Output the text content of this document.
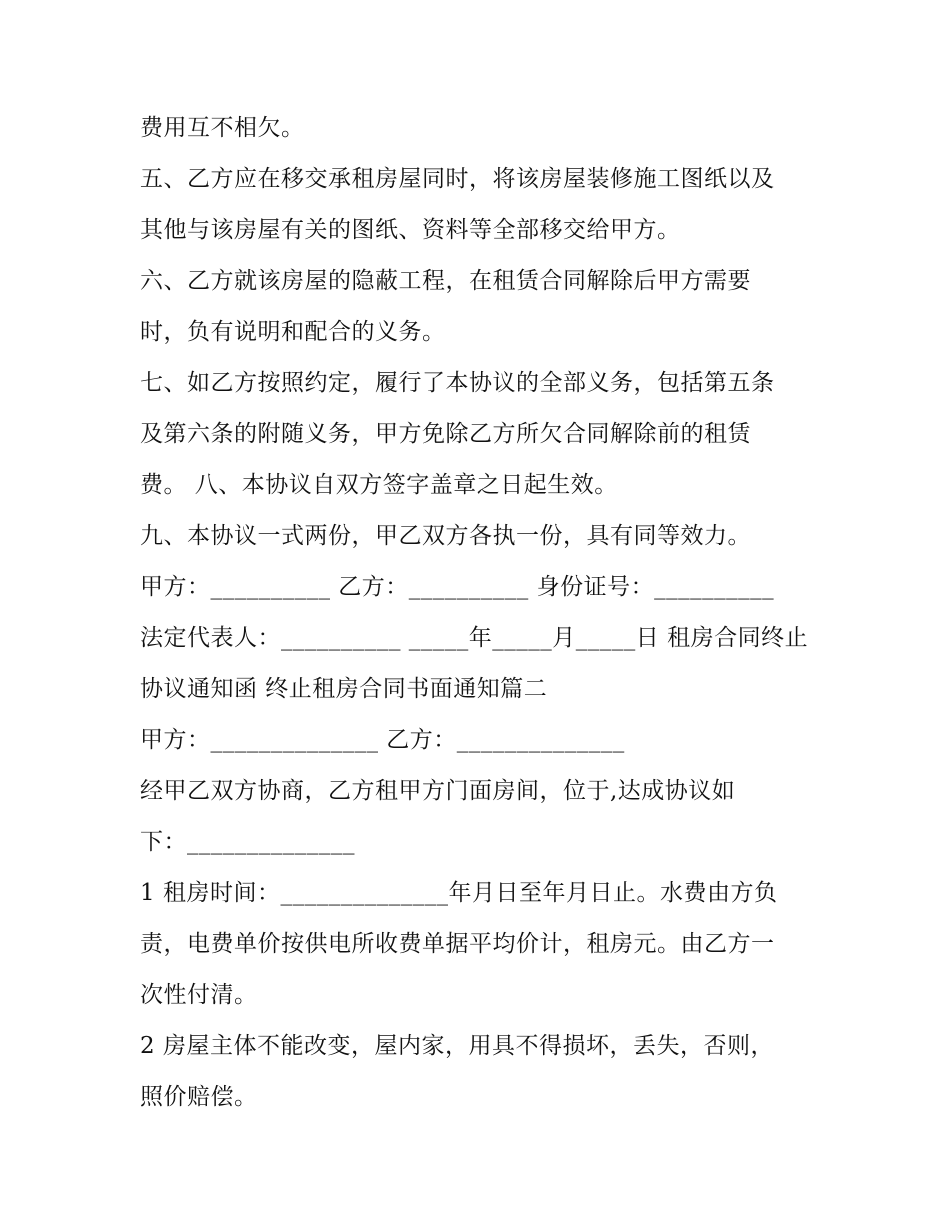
费用互不相欠。
五、乙方应在移交承租房屋同时，将该房屋装修施工图纸以及
其他与该房屋有关的图纸、资料等全部移交给甲方。
六、乙方就该房屋的隐蔽工程，在租赁合同解除后甲方需要
时，负有说明和配合的义务。
七、如乙方按照约定，履行了本协议的全部义务，包括第五条
及第六条的附随义务，甲方免除乙方所欠合同解除前的租赁
费。 八、本协议自双方签字盖章之日起生效。
九、本协议一式两份，甲乙双方各执一份，具有同等效力。
甲方：__________ 乙方：__________ 身份证号：__________
法定代表人：__________ _____年_____月_____日 租房合同终止
协议通知函 终止租房合同书面通知篇二
甲方：______________ 乙方：______________
经甲乙双方协商，乙方租甲方门面房间，位于,达成协议如
下：______________
1 租房时间：______________年月日至年月日止。水费由方负
责，电费单价按供电所收费单据平均价计，租房元。由乙方一
次性付清。
2 房屋主体不能改变，屋内家，用具不得损坏，丢失，否则，
照价赔偿。
